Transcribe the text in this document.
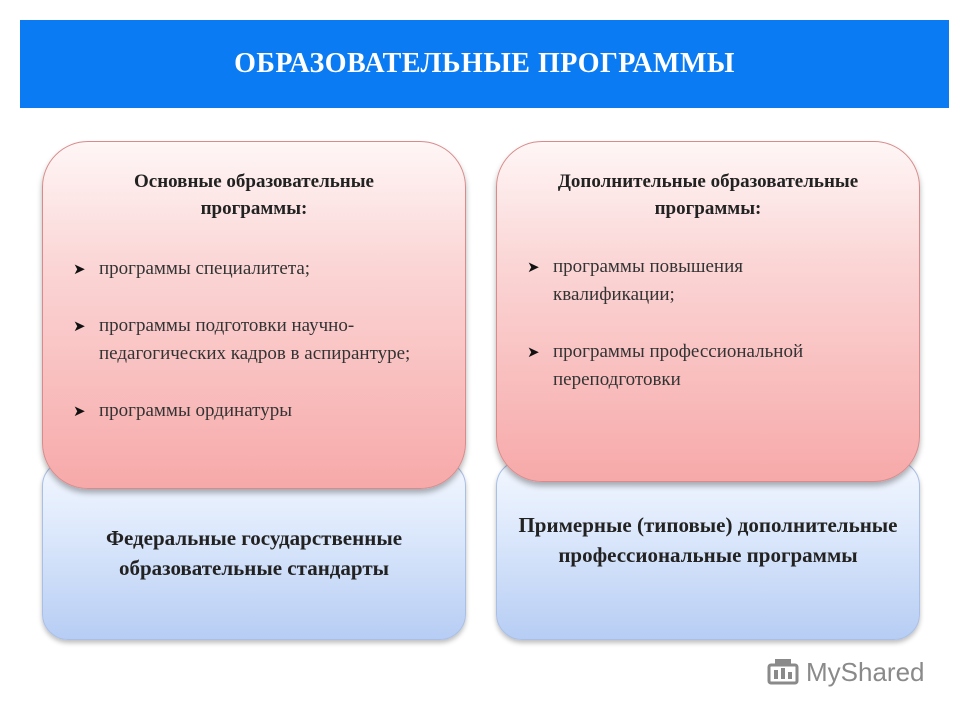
ОБРАЗОВАТЕЛЬНЫЕ ПРОГРАММЫ
Федеральные государственные образовательные стандарты
Основные образовательные программы:
➤ программы специалитета;
➤ программы подготовки научно-педагогических кадров в аспирантуре;
➤ программы ординатуры
Примерные (типовые) дополнительные профессиональные программы
Дополнительные образовательные программы:
➤ программы повышения квалификации;
➤ программы профессиональной переподготовки
MyShared
